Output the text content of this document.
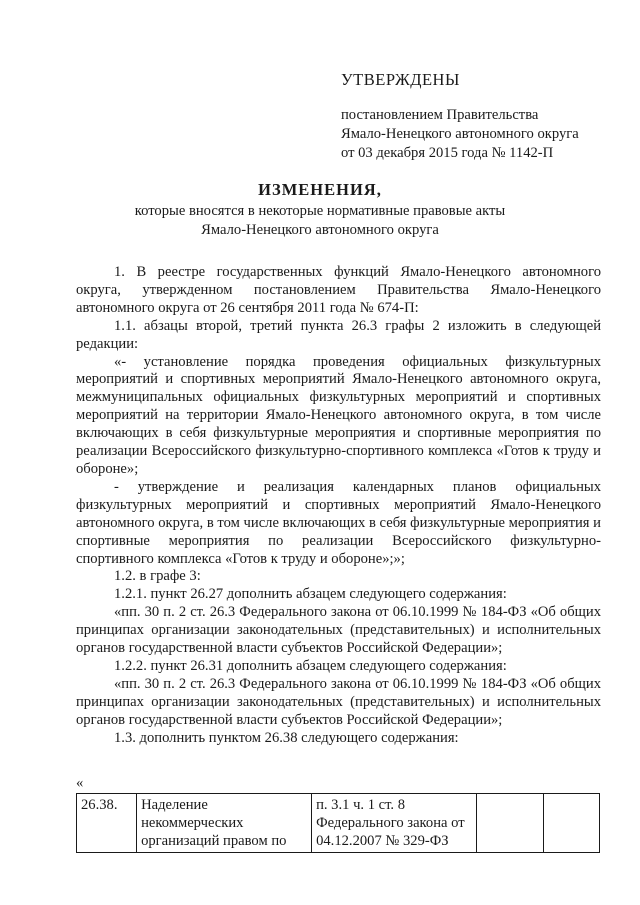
УТВЕРЖДЕНЫ

постановлением Правительства
Ямало-Ненецкого автономного округа
от 03 декабря 2015 года № 1142-П

ИЗМЕНЕНИЯ,

которые вносятся в некоторые нормативные правовые акты
Ямало-Ненецкого автономного округа

1. В реестре государственных функций Ямало-Ненецкого автономного округа, утвержденном постановлением Правительства Ямало-Ненецкого автономного округа от 26 сентября 2011 года № 674-П:

1.1. абзацы второй, третий пункта 26.3 графы 2 изложить в следующей редакции:

«- установление порядка проведения официальных физкультурных мероприятий и спортивных мероприятий Ямало-Ненецкого автономного округа, межмуниципальных официальных физкультурных мероприятий и спортивных мероприятий на территории Ямало-Ненецкого автономного округа, в том числе включающих в себя физкультурные мероприятия и спортивные мероприятия по реализации Всероссийского физкультурно-спортивного комплекса «Готов к труду и обороне»;

- утверждение и реализация календарных планов официальных физкультурных мероприятий и спортивных мероприятий Ямало-Ненецкого автономного округа, в том числе включающих в себя физкультурные мероприятия и спортивные мероприятия по реализации Всероссийского физкультурно-спортивного комплекса «Готов к труду и обороне»;»;

1.2. в графе 3:

1.2.1. пункт 26.27 дополнить абзацем следующего содержания:

«пп. 30 п. 2 ст. 26.3 Федерального закона от 06.10.1999 № 184-ФЗ «Об общих принципах организации законодательных (представительных) и исполнительных органов государственной власти субъектов Российской Федерации»;

1.2.2. пункт 26.31 дополнить абзацем следующего содержания:

«пп. 30 п. 2 ст. 26.3 Федерального закона от 06.10.1999 № 184-ФЗ «Об общих принципах организации законодательных (представительных) и исполнительных органов государственной власти субъектов Российской Федерации»;

1.3. дополнить пунктом 26.38 следующего содержания:

«
26.38.	Наделение некоммерческих организаций правом по	п. 3.1 ч. 1 ст. 8 Федерального закона от 04.12.2007 № 329-ФЗ		
